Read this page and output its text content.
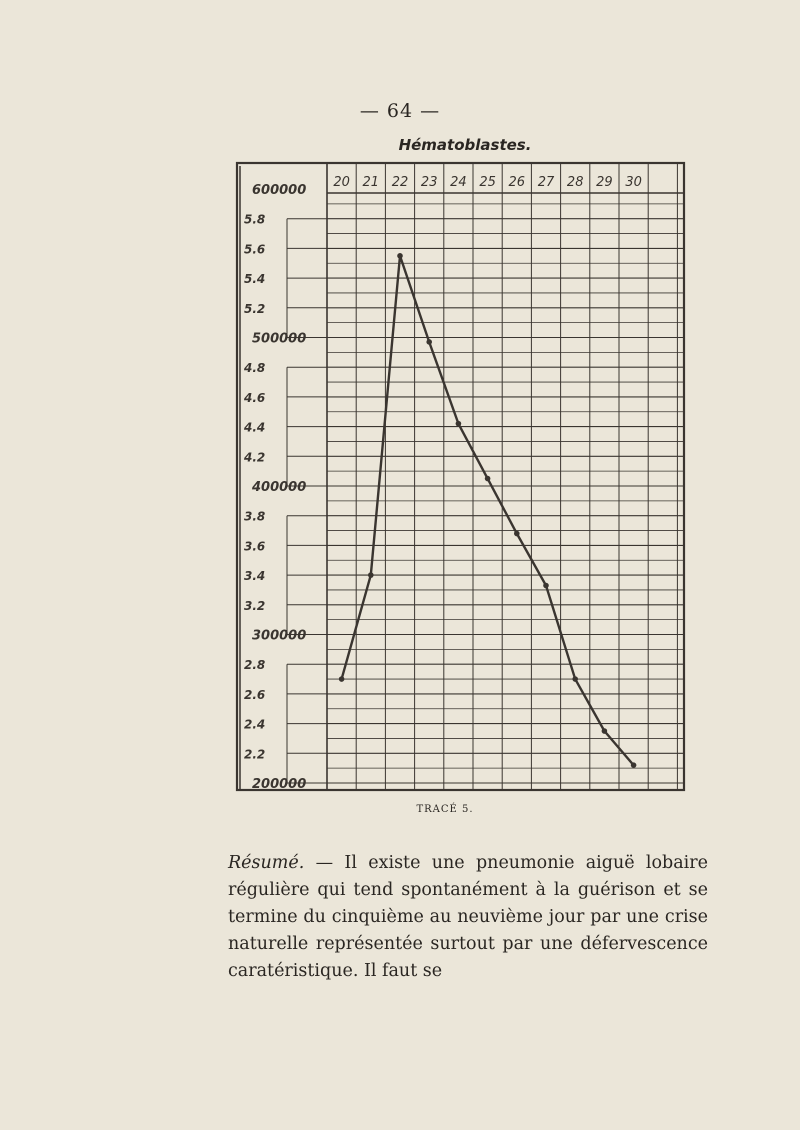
— 64 —
Hématoblastes.
600000
5.8
5.6
5.4
5.2
500000
4.8
4.6
4.4
4.2
400000
3.8
3.6
3.4
3.2
300000
2.8
2.6
2.4
2.2
200000
20 21 22 23 24 25 26 27 28 29 30
TRACÉ 5.
Résumé. — Il existe une pneumonie aiguë lobaire régulière qui tend spontanément à la guérison et se termine du cinquième au neuvième jour par une crise naturelle représentée surtout par une défervescence caratéristique. Il faut se
